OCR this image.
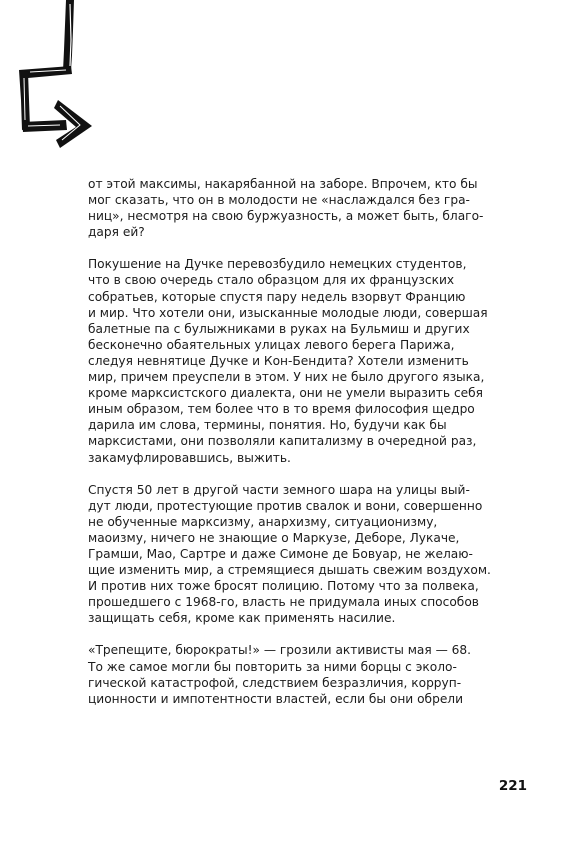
от этой максимы, накарябанной на заборе. Впрочем, кто бы
мог сказать, что он в молодости не «наслаждался без гра-
ниц», несмотря на свою буржуазность, а может быть, благо-
даря ей?

Покушение на Дучке перевозбудило немецких студентов,
что в свою очередь стало образцом для их французских
собратьев, которые спустя пару недель взорвут Францию
и мир. Что хотели они, изысканные молодые люди, совершая
балетные па с булыжниками в руках на Бульмиш и других
бесконечно обаятельных улицах левого берега Парижа,
следуя невнятице Дучке и Кон-Бендита? Хотели изменить
мир, причем преуспели в этом. У них не было другого языка,
кроме марксистского диалекта, они не умели выразить себя
иным образом, тем более что в то время философия щедро
дарила им слова, термины, понятия. Но, будучи как бы
марксистами, они позволяли капитализму в очередной раз,
закамуфлировавшись, выжить.

Спустя 50 лет в другой части земного шара на улицы вый-
дут люди, протестующие против свалок и вони, совершенно
не обученные марксизму, анархизму, ситуационизму,
маоизму, ничего не знающие о Маркузе, Деборе, Лукаче,
Грамши, Мао, Сартре и даже Симоне де Бовуар, не желаю-
щие изменить мир, а стремящиеся дышать свежим воздухом.
И против них тоже бросят полицию. Потому что за полвека,
прошедшего с 1968-го, власть не придумала иных способов
защищать себя, кроме как применять насилие.

«Трепещите, бюрократы!» — грозили активисты мая — 68.
То же самое могли бы повторить за ними борцы с эколо-
гической катастрофой, следствием безразличия, корруп-
ционности и импотентности властей, если бы они обрели

221
